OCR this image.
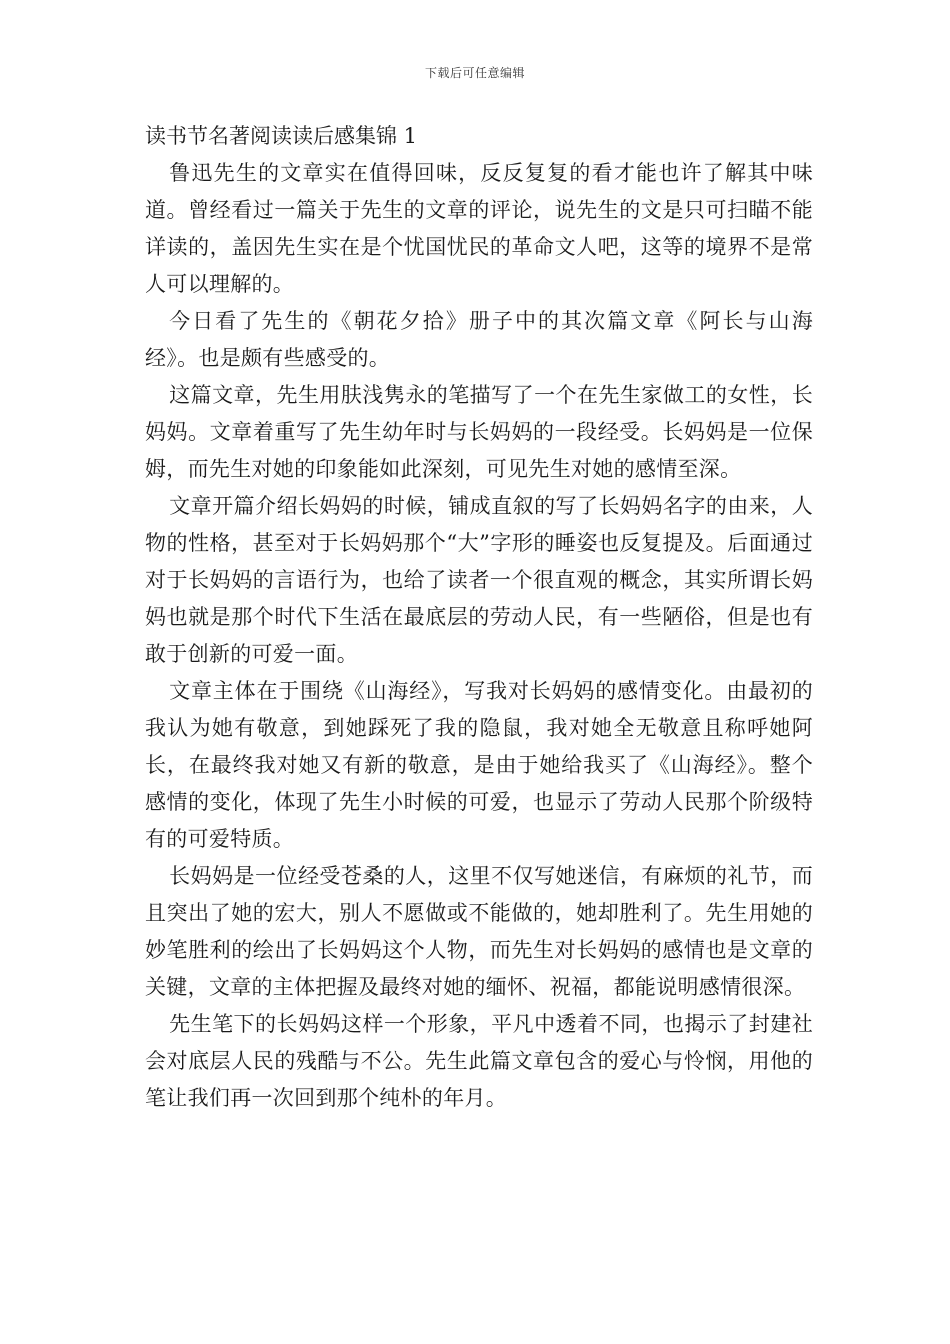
下载后可任意编辑

读书节名著阅读读后感集锦 1

鲁迅先生的文章实在值得回味，反反复复的看才能也许了解其中味道。曾经看过一篇关于先生的文章的评论，说先生的文是只可扫瞄不能详读的，盖因先生实在是个忧国忧民的革命文人吧，这等的境界不是常人可以理解的。

今日看了先生的《朝花夕拾》册子中的其次篇文章《阿长与山海经》。也是颇有些感受的。

这篇文章，先生用肤浅隽永的笔描写了一个在先生家做工的女性，长妈妈。文章着重写了先生幼年时与长妈妈的一段经受。长妈妈是一位保姆，而先生对她的印象能如此深刻，可见先生对她的感情至深。

文章开篇介绍长妈妈的时候，铺成直叙的写了长妈妈名字的由来，人物的性格，甚至对于长妈妈那个“大”字形的睡姿也反复提及。后面通过对于长妈妈的言语行为，也给了读者一个很直观的概念，其实所谓长妈妈也就是那个时代下生活在最底层的劳动人民，有一些陋俗，但是也有敢于创新的可爱一面。

文章主体在于围绕《山海经》，写我对长妈妈的感情变化。由最初的我认为她有敬意，到她踩死了我的隐鼠，我对她全无敬意且称呼她阿长，在最终我对她又有新的敬意，是由于她给我买了《山海经》。整个感情的变化，体现了先生小时候的可爱，也显示了劳动人民那个阶级特有的可爱特质。

长妈妈是一位经受苍桑的人，这里不仅写她迷信，有麻烦的礼节，而且突出了她的宏大，别人不愿做或不能做的，她却胜利了。先生用她的妙笔胜利的绘出了长妈妈这个人物，而先生对长妈妈的感情也是文章的关键，文章的主体把握及最终对她的缅怀、祝福，都能说明感情很深。

先生笔下的长妈妈这样一个形象，平凡中透着不同，也揭示了封建社会对底层人民的残酷与不公。先生此篇文章包含的爱心与怜悯，用他的笔让我们再一次回到那个纯朴的年月。
